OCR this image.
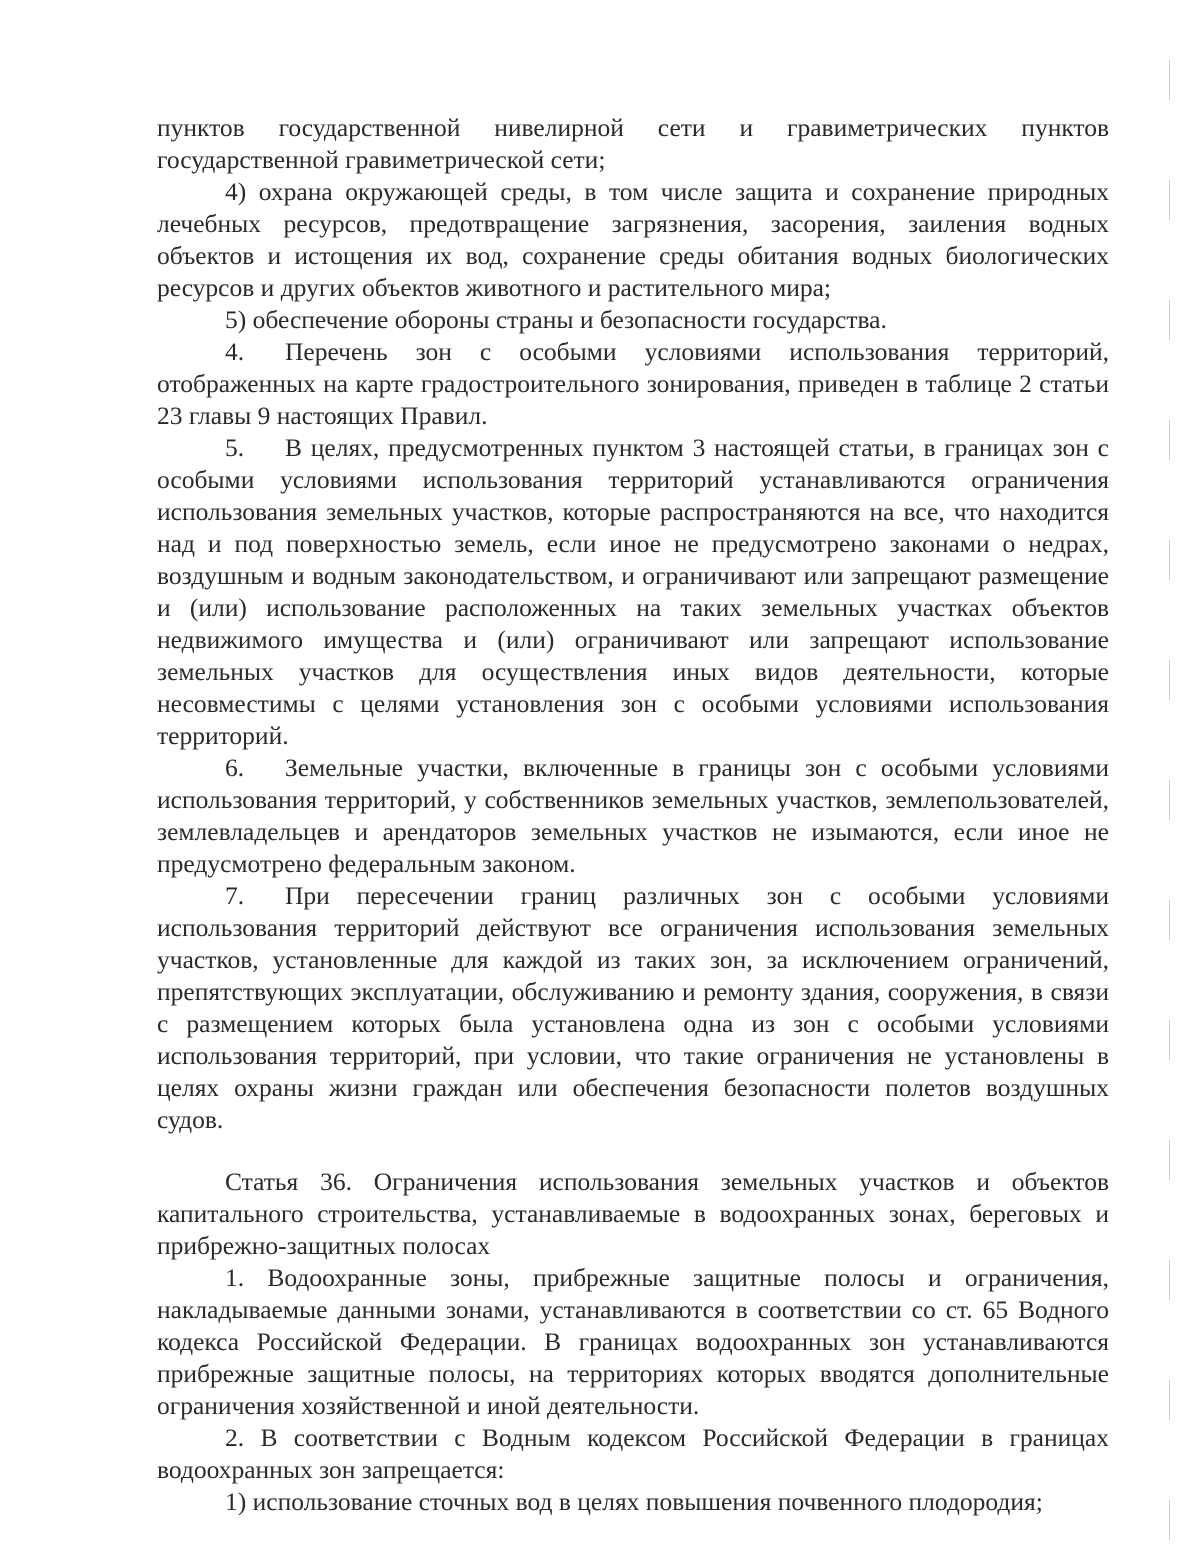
пунктов государственной нивелирной сети и гравиметрических пунктов государственной гравиметрической сети;

4) охрана окружающей среды, в том числе защита и сохранение природных лечебных ресурсов, предотвращение загрязнения, засорения, заиления водных объектов и истощения их вод, сохранение среды обитания водных биологических ресурсов и других объектов животного и растительного мира;

5) обеспечение обороны страны и безопасности государства.

4. Перечень зон с особыми условиями использования территорий, отображенных на карте градостроительного зонирования, приведен в таблице 2 статьи 23 главы 9 настоящих Правил.

5. В целях, предусмотренных пунктом 3 настоящей статьи, в границах зон с особыми условиями использования территорий устанавливаются ограничения использования земельных участков, которые распространяются на все, что находится над и под поверхностью земель, если иное не предусмотрено законами о недрах, воздушным и водным законодательством, и ограничивают или запрещают размещение и (или) использование расположенных на таких земельных участках объектов недвижимого имущества и (или) ограничивают или запрещают использование земельных участков для осуществления иных видов деятельности, которые несовместимы с целями установления зон с особыми условиями использования территорий.

6. Земельные участки, включенные в границы зон с особыми условиями использования территорий, у собственников земельных участков, землепользователей, землевладельцев и арендаторов земельных участков не изымаются, если иное не предусмотрено федеральным законом.

7. При пересечении границ различных зон с особыми условиями использования территорий действуют все ограничения использования земельных участков, установленные для каждой из таких зон, за исключением ограничений, препятствующих эксплуатации, обслуживанию и ремонту здания, сооружения, в связи с размещением которых была установлена одна из зон с особыми условиями использования территорий, при условии, что такие ограничения не установлены в целях охраны жизни граждан или обеспечения безопасности полетов воздушных судов.

Статья 36. Ограничения использования земельных участков и объектов капитального строительства, устанавливаемые в водоохранных зонах, береговых и прибрежно-защитных полосах

1. Водоохранные зоны, прибрежные защитные полосы и ограничения, накладываемые данными зонами, устанавливаются в соответствии со ст. 65 Водного кодекса Российской Федерации. В границах водоохранных зон устанавливаются прибрежные защитные полосы, на территориях которых вводятся дополнительные ограничения хозяйственной и иной деятельности.

2. В соответствии с Водным кодексом Российской Федерации в границах водоохранных зон запрещается:

1) использование сточных вод в целях повышения почвенного плодородия;
